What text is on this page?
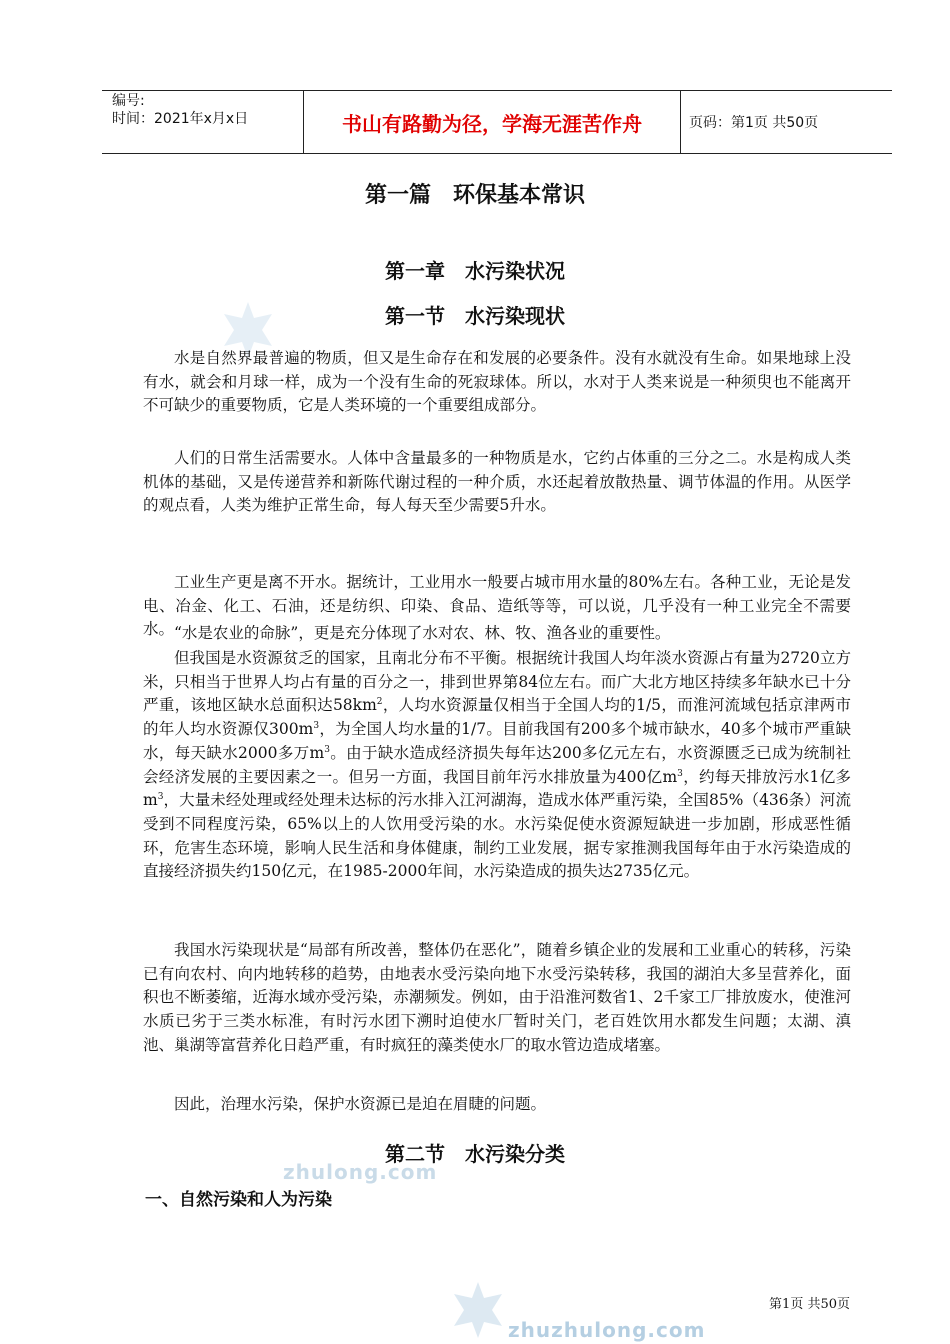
编号:
时间：2021年x月x日	书山有路勤为径，学海无涯苦作舟	页码：第1页 共50页
zhulong.com
zhuzhulong.com
第一篇　环保基本常识
第一章　水污染状况
第一节　水污染现状

水是自然界最普遍的物质，但又是生命存在和发展的必要条件。没有水就没有生命。如果地球上没有水，就会和月球一样，成为一个没有生命的死寂球体。所以，水对于人类来说是一种须臾也不能离开不可缺少的重要物质，它是人类环境的一个重要组成部分。

人们的日常生活需要水。人体中含量最多的一种物质是水，它约占体重的三分之二。水是构成人类机体的基础，又是传递营养和新陈代谢过程的一种介质，水还起着放散热量、调节体温的作用。从医学的观点看，人类为维护正常生命，每人每天至少需要5升水。

工业生产更是离不开水。据统计，工业用水一般要占城市用水量的80%左右。各种工业，无论是发电、冶金、化工、石油，还是纺织、印染、食品、造纸等等，可以说，几乎没有一种工业完全不需要水。 “水是农业的命脉”，更是充分体现了水对农、林、牧、渔各业的重要性。

但我国是水资源贫乏的国家，且南北分布不平衡。根据统计我国人均年淡水资源占有量为2720立方米，只相当于世界人均占有量的百分之一，排到世界第84位左右。而广大北方地区持续多年缺水已十分严重，该地区缺水总面积达$58km^2$，人均水资源量仅相当于全国人均的1/5，而淮河流域包括京津两市的年人均水资源仅$300m^3$，为全国人均水量的1/7。目前我国有200多个城市缺水，40多个城市严重缺水，每天缺水2000多万$m^3$。由于缺水造成经济损失每年达200多亿元左右，水资源匮乏已成为统制社会经济发展的主要因素之一。但另一方面，我国目前年污水排放量为400亿$m^3$，约每天排放污水1亿多$m^3$，大量未经处理或经处理未达标的污水排入江河湖海，造成水体严重污染，全国85%（436条）河流受到不同程度污染，65%以上的人饮用受污染的水。水污染促使水资源短缺进一步加剧，形成恶性循环，危害生态环境，影响人民生活和身体健康，制约工业发展，据专家推测我国每年由于水污染造成的直接经济损失约150亿元，在1985-2000年间，水污染造成的损失达2735亿元。

我国水污染现状是“局部有所改善，整体仍在恶化”，随着乡镇企业的发展和工业重心的转移，污染已有向农村、向内地转移的趋势，由地表水受污染向地下水受污染转移，我国的湖泊大多呈营养化，面积也不断萎缩，近海水域亦受污染，赤潮频发。例如，由于沿淮河数省1、2千家工厂排放废水，使淮河水质已劣于三类水标准，有时污水团下溯时迫使水厂暂时关门，老百姓饮用水都发生问题；太湖、滇池、巢湖等富营养化日趋严重，有时疯狂的藻类使水厂的取水管边造成堵塞。

因此，治理水污染，保护水资源已是迫在眉睫的问题。

第二节　水污染分类
一、自然污染和人为污染
第1页 共50页
